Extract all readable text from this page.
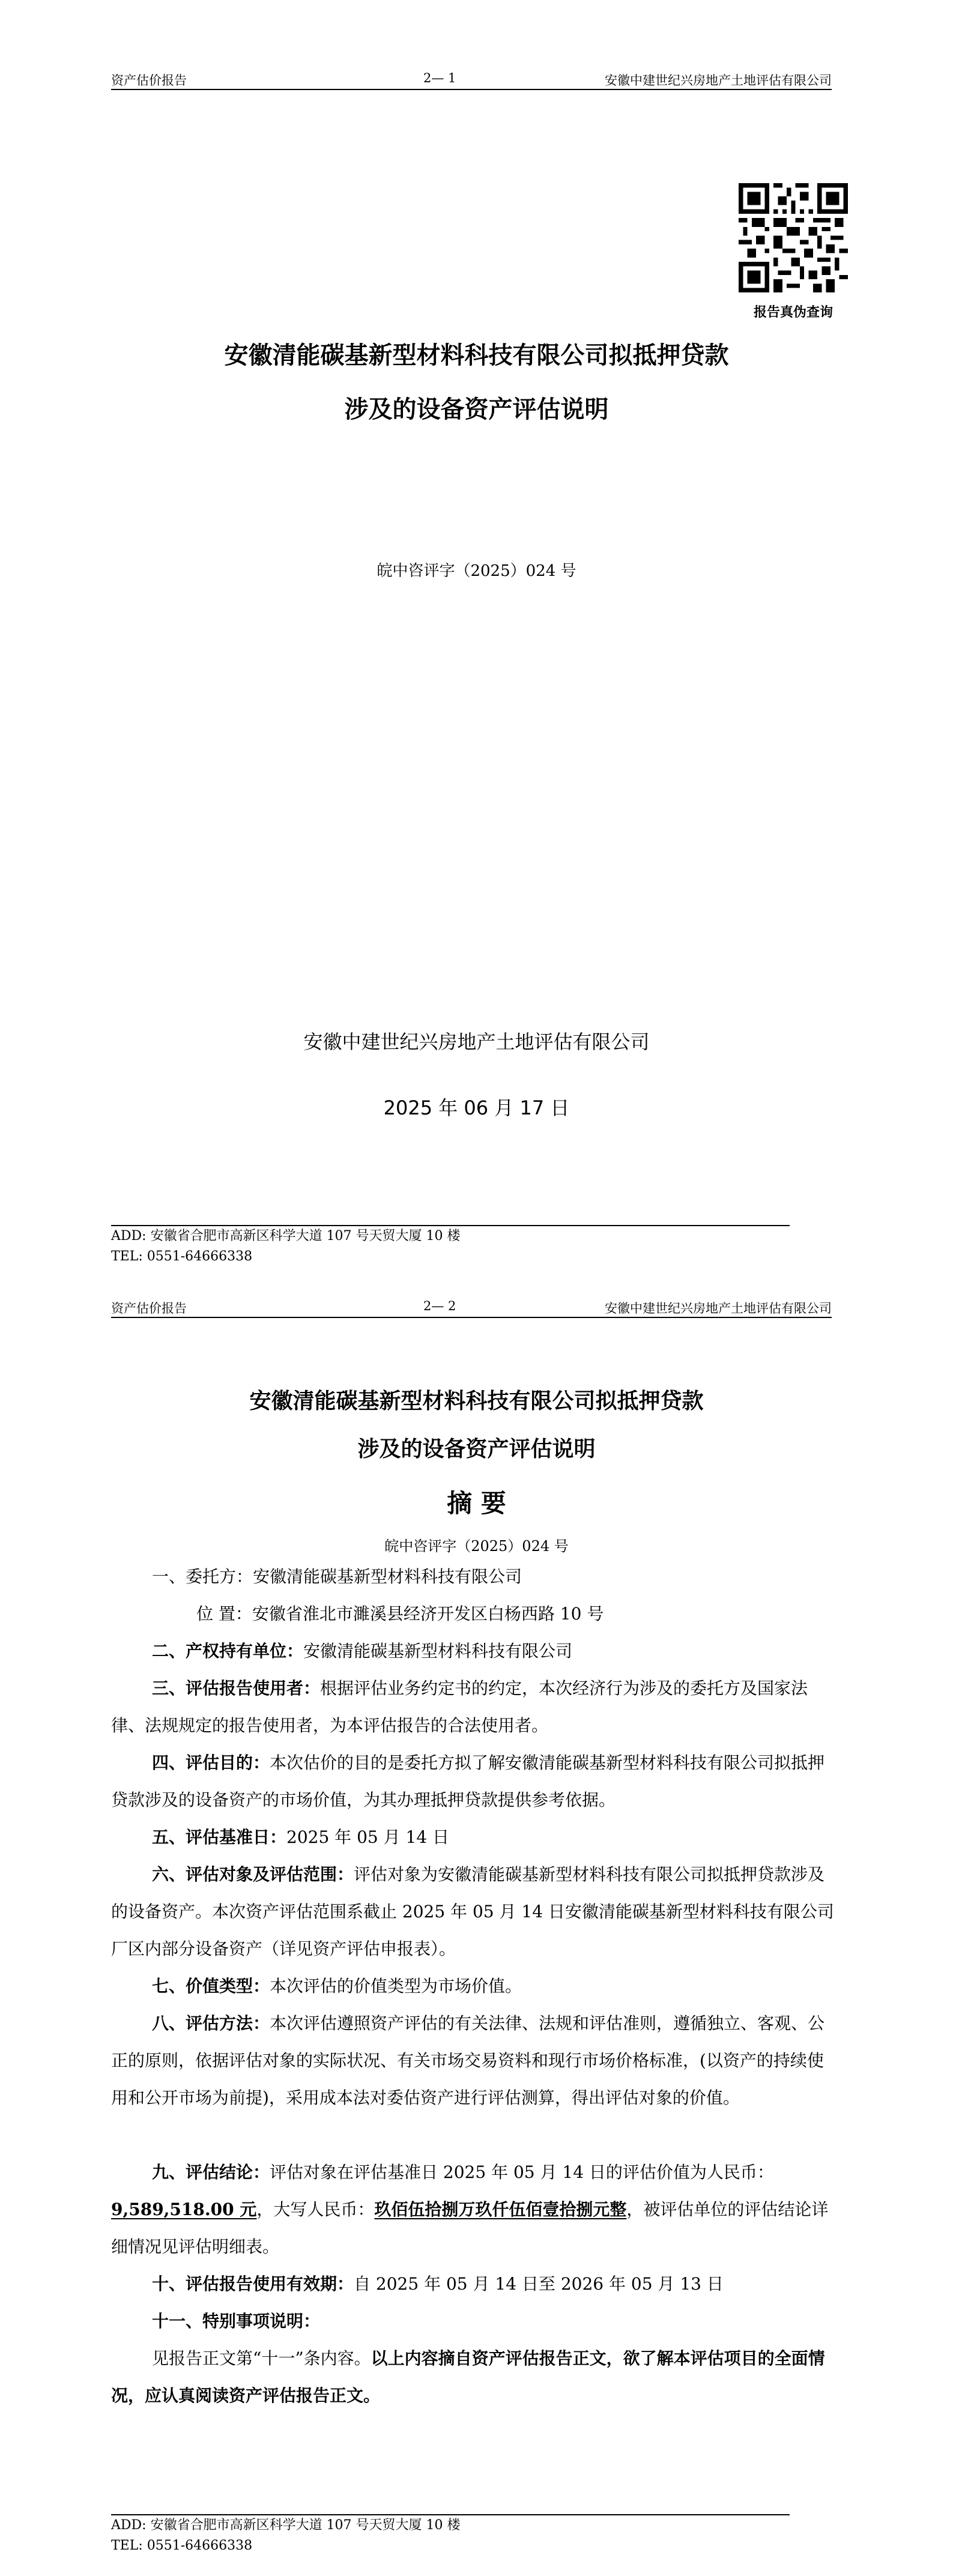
资产估价报告	2— 1	安徽中建世纪兴房地产土地评估有限公司
报告真伪查询
安徽清能碳基新型材料科技有限公司拟抵押贷款
涉及的设备资产评估说明
皖中咨评字（2025）024 号
安徽中建世纪兴房地产土地评估有限公司
2025 年 06 月 17 日
ADD: 安徽省合肥市高新区科学大道 107 号天贸大厦 10 楼
TEL: 0551-64666338
资产估价报告	2— 2	安徽中建世纪兴房地产土地评估有限公司
安徽清能碳基新型材料科技有限公司拟抵押贷款
涉及的设备资产评估说明
摘 要
皖中咨评字（2025）024 号

一、委托方：安徽清能碳基新型材料科技有限公司

位 置：安徽省淮北市濉溪县经济开发区白杨西路 10 号

二、产权持有单位：安徽清能碳基新型材料科技有限公司

三、评估报告使用者：根据评估业务约定书的约定，本次经济行为涉及的委托方及国家法律、法规规定的报告使用者，为本评估报告的合法使用者。

四、评估目的：本次估价的目的是委托方拟了解安徽清能碳基新型材料科技有限公司拟抵押贷款涉及的设备资产的市场价值，为其办理抵押贷款提供参考依据。

五、评估基准日：2025 年 05 月 14 日

六、评估对象及评估范围：评估对象为安徽清能碳基新型材料科技有限公司拟抵押贷款涉及的设备资产。本次资产评估范围系截止 2025 年 05 月 14 日安徽清能碳基新型材料科技有限公司厂区内部分设备资产（详见资产评估申报表）。

七、价值类型：本次评估的价值类型为市场价值。

八、评估方法：本次评估遵照资产评估的有关法律、法规和评估准则，遵循独立、客观、公正的原则，依据评估对象的实际状况、有关市场交易资料和现行市场价格标准，(以资产的持续使用和公开市场为前提)，采用成本法对委估资产进行评估测算，得出评估对象的价值。

九、评估结论：评估对象在评估基准日 2025 年 05 月 14 日的评估价值为人民币：9,589,518.00 元，大写人民币：玖佰伍拾捌万玖仟伍佰壹拾捌元整，被评估单位的评估结论详细情况见评估明细表。

十、评估报告使用有效期：自 2025 年 05 月 14 日至 2026 年 05 月 13 日

十一、特别事项说明：

见报告正文第“十一”条内容。以上内容摘自资产评估报告正文，欲了解本评估项目的全面情况，应认真阅读资产评估报告正文。

ADD: 安徽省合肥市高新区科学大道 107 号天贸大厦 10 楼
TEL: 0551-64666338
